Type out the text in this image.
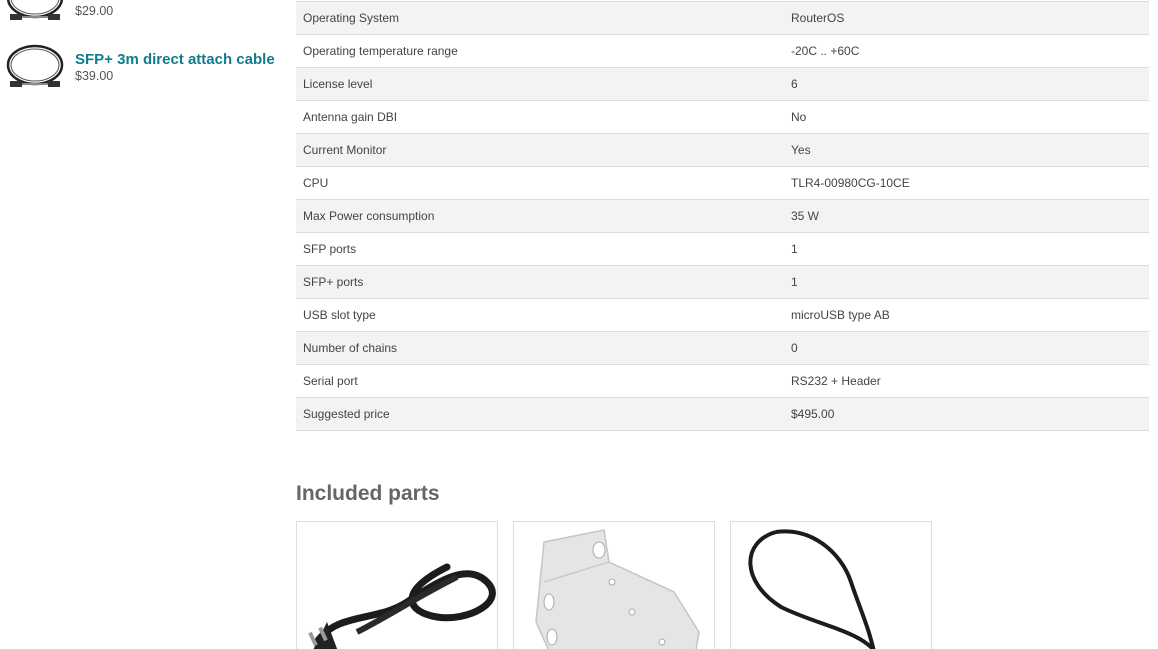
$29.00
SFP+ 3m direct attach cable
$39.00
Operating System	RouterOS
Operating temperature range	-20C .. +60C
License level	6
Antenna gain DBI	No
Current Monitor	Yes
CPU	TLR4-00980CG-10CE
Max Power consumption	35 W
SFP ports	1
SFP+ ports	1
USB slot type	microUSB type AB
Number of chains	0
Serial port	RS232 + Header
Suggested price	$495.00
Included parts
